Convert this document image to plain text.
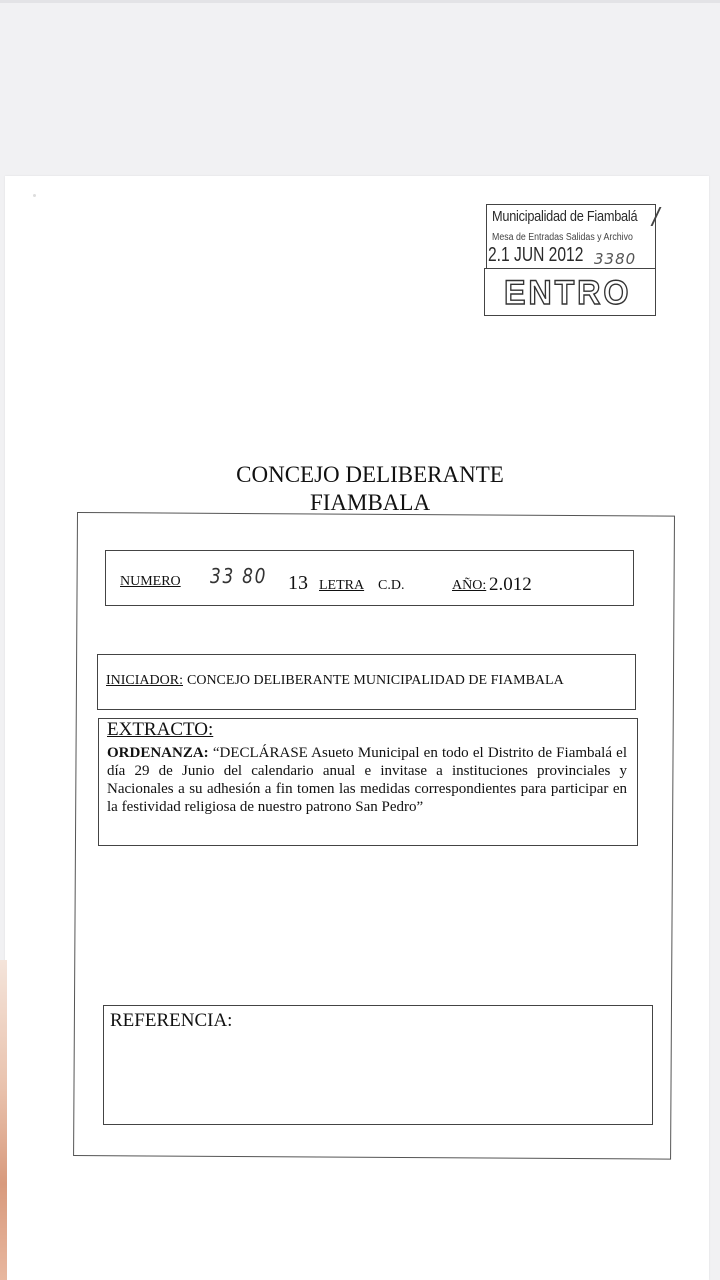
Municipalidad de Fiambalá
Mesa de Entradas Salidas y Archivo
2.1 JUN 2012 3380
ENTRO
/
CONCEJO DELIBERANTE
FIAMBALA
NUMERO 33 80 13 LETRA C.D.	AÑO: 2.012
INICIADOR: CONCEJO DELIBERANTE MUNICIPALIDAD DE FIAMBALA
EXTRACTO:
ORDENANZA: “DECLÁRASE Asueto Municipal en todo el Distrito de Fiambalá el día 29 de Junio del calendario anual e invitase a instituciones provinciales y Nacionales a su adhesión a fin tomen las medidas correspondientes para participar en la festividad religiosa de nuestro patrono San Pedro”
REFERENCIA:
